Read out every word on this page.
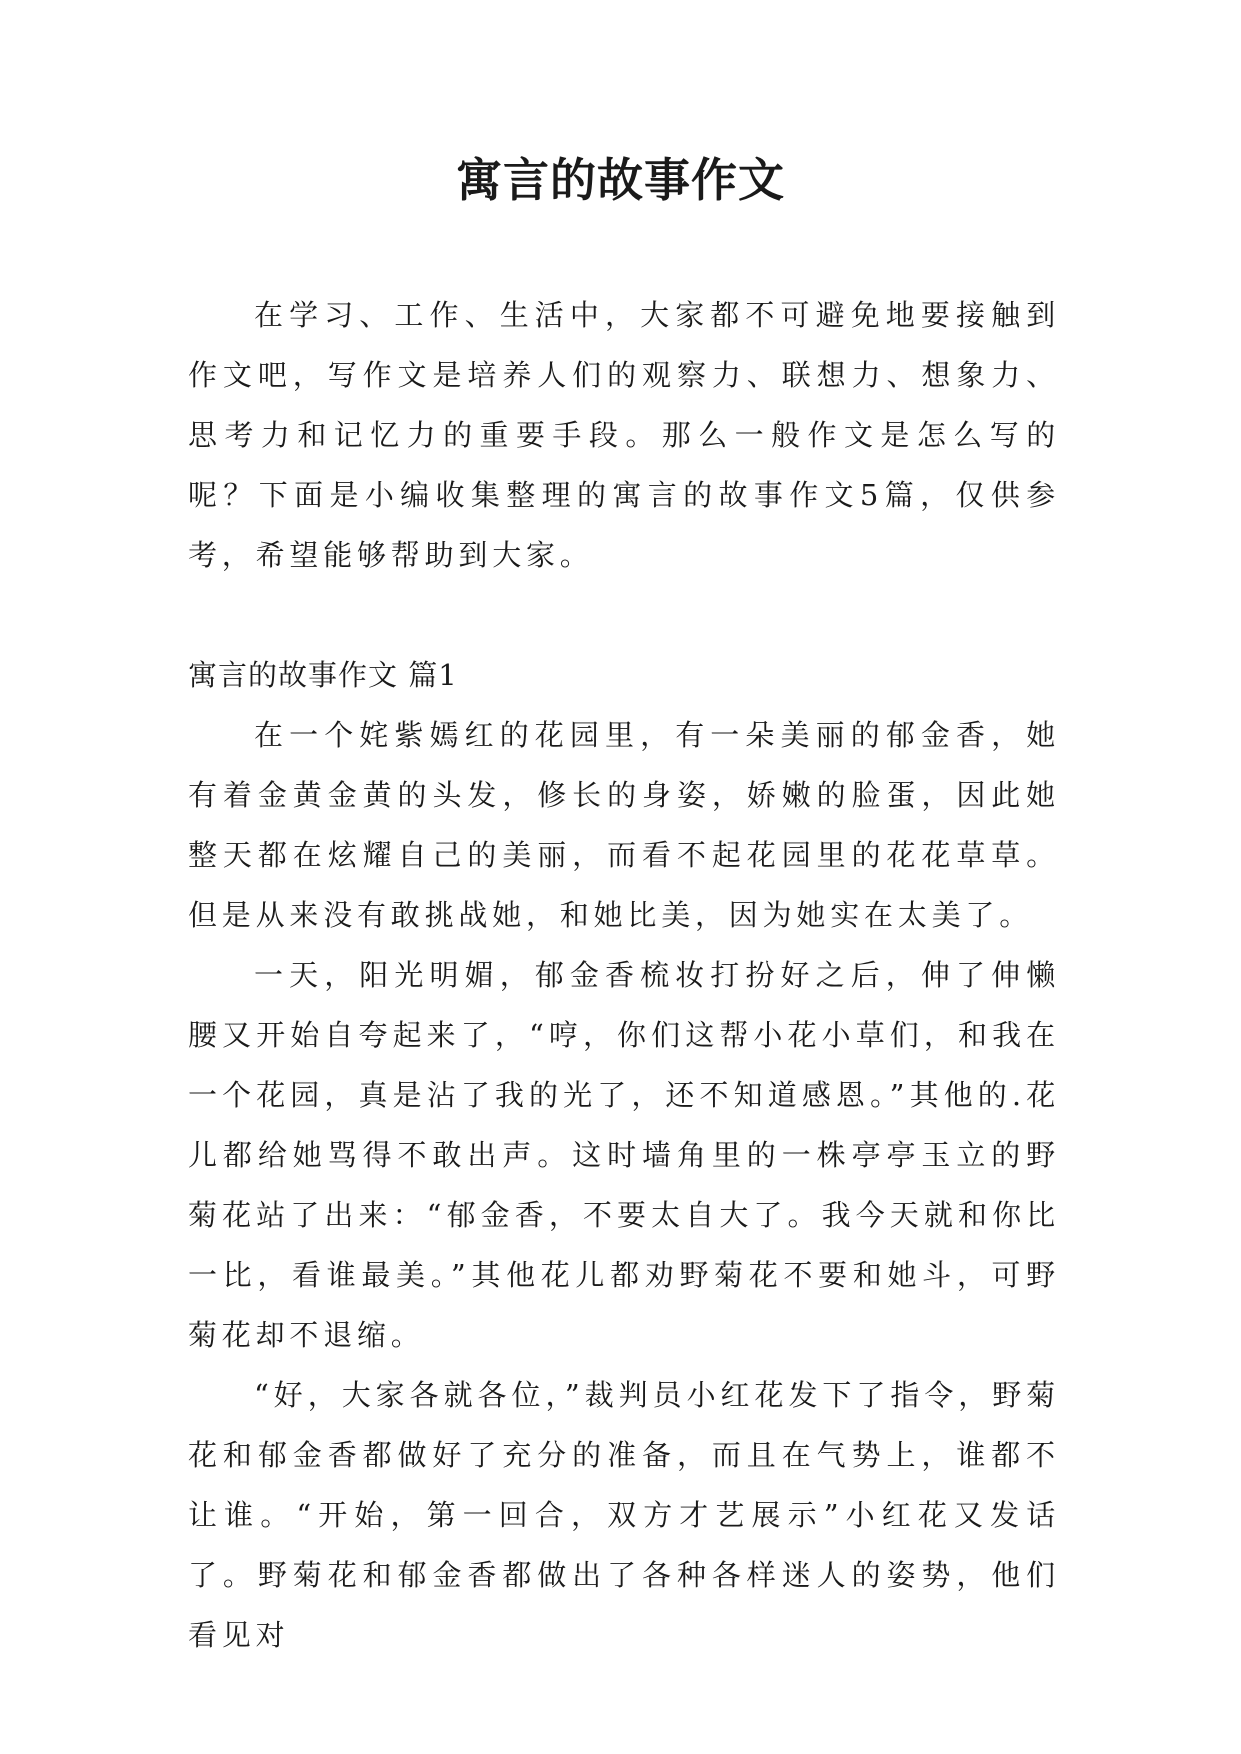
寓言的故事作文

在学习、工作、生活中，大家都不可避免地要接触到作文吧，写作文是培养人们的观察力、联想力、想象力、思考力和记忆力的重要手段。那么一般作文是怎么写的呢？下面是小编收集整理的寓言的故事作文5篇，仅供参考，希望能够帮助到大家。

寓言的故事作文 篇1

在一个姹紫嫣红的花园里，有一朵美丽的郁金香，她有着金黄金黄的头发，修长的身姿，娇嫩的脸蛋，因此她整天都在炫耀自己的美丽，而看不起花园里的花花草草。但是从来没有敢挑战她，和她比美，因为她实在太美了。

一天，阳光明媚，郁金香梳妆打扮好之后，伸了伸懒腰又开始自夸起来了，“哼，你们这帮小花小草们，和我在一个花园，真是沾了我的光了，还不知道感恩。”其他的.花儿都给她骂得不敢出声。这时墙角里的一株亭亭玉立的野菊花站了出来：“郁金香，不要太自大了。我今天就和你比一比，看谁最美。”其他花儿都劝野菊花不要和她斗，可野菊花却不退缩。

“好，大家各就各位，”裁判员小红花发下了指令，野菊花和郁金香都做好了充分的准备，而且在气势上，谁都不让谁。“开始，第一回合，双方才艺展示”小红花又发话了。野菊花和郁金香都做出了各种各样迷人的姿势，他们看见对
